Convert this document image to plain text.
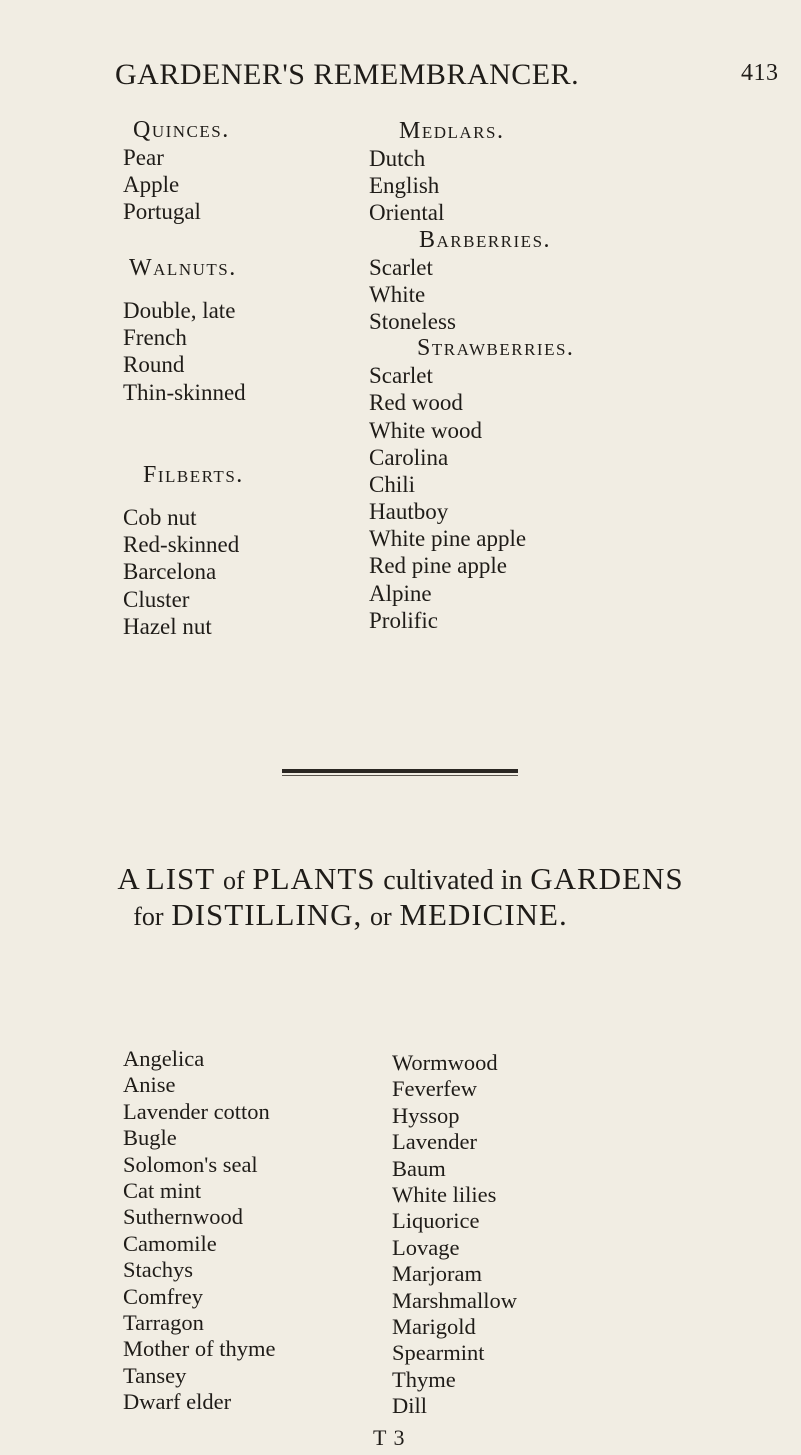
GARDENER'S REMEMBRANCER.	413
Quinces.
Pear
Apple
Portugal
Walnuts.
Double, late
French
Round
Thin-skinned
Filberts.
Cob nut
Red-skinned
Barcelona
Cluster
Hazel nut
Medlars.
Dutch
English
Oriental
Barberries.
Scarlet
White
Stoneless
Strawberries.
Scarlet
Red wood
White wood
Carolina
Chili
Hautboy
White pine apple
Red pine apple
Alpine
Prolific
A LIST of PLANTS cultivated in GARDENS
for DISTILLING, or MEDICINE.
Angelica
Anise
Lavender cotton
Bugle
Solomon's seal
Cat mint
Suthernwood
Camomile
Stachys
Comfrey
Tarragon
Mother of thyme
Tansey
Dwarf elder
Wormwood
Feverfew
Hyssop
Lavender
Baum
White lilies
Liquorice
Lovage
Marjoram
Marshmallow
Marigold
Spearmint
Thyme
Dill
T 3
